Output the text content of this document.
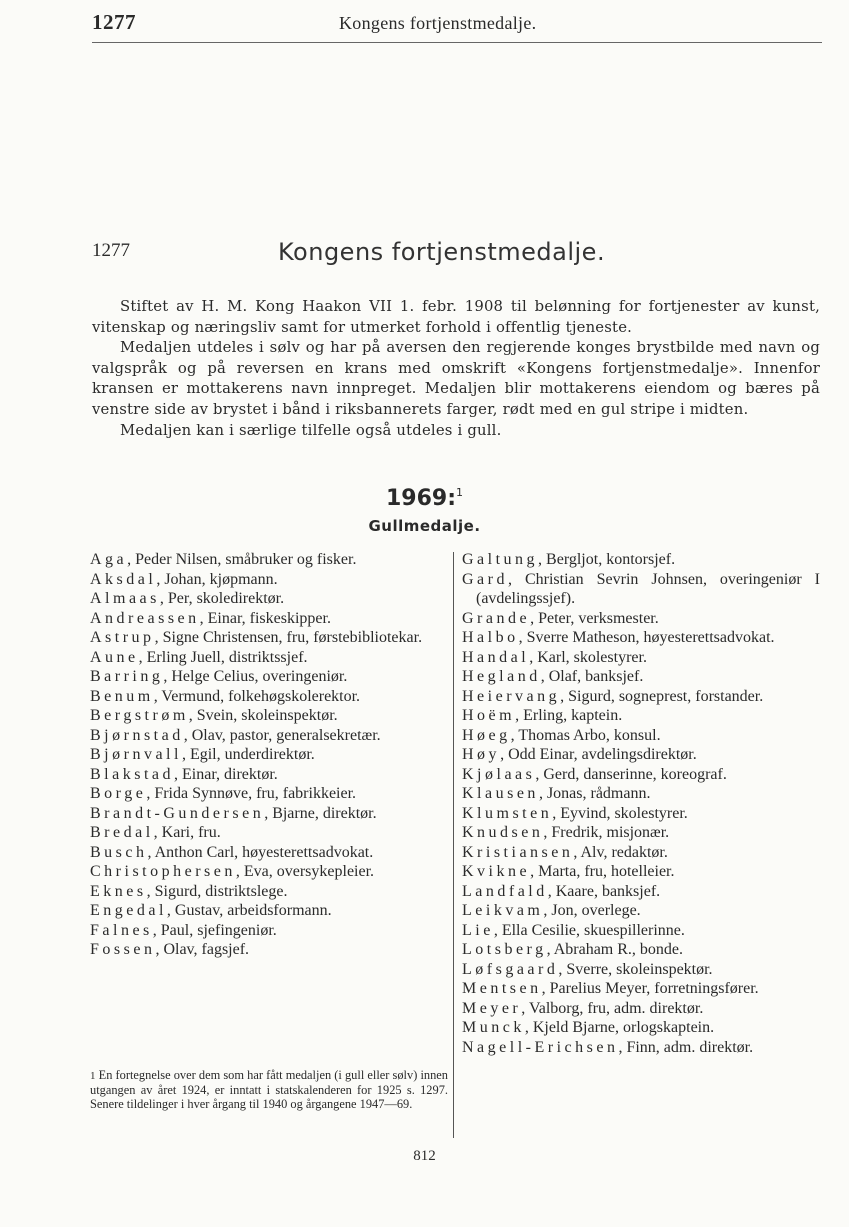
1277	Kongens fortjenstmedalje.
1277	Kongens fortjenstmedalje.

Stiftet av H. M. Kong Haakon VII 1. febr. 1908 til belønning for fortjenester av kunst, vitenskap og næringsliv samt for utmerket forhold i offentlig tjeneste.

Medaljen utdeles i sølv og har på aversen den regjerende konges brystbilde med navn og valgspråk og på reversen en krans med omskrift «Kongens fortjenstmedalje». Innenfor kransen er mottakerens navn innpreget. Medaljen blir mottakerens eiendom og bæres på venstre side av brystet i bånd i riksbannerets farger, rødt med en gul stripe i midten.

Medaljen kan i særlige tilfelle også utdeles i gull.

1969:$^1$
Gullmedalje.
Aga, Peder Nilsen, småbruker og fisker.
Aksdal, Johan, kjøpmann.
Almaas, Per, skoledirektør.
Andreassen, Einar, fiskeskipper.
Astrup, Signe Christensen, fru, førstebibliotekar.
Aune, Erling Juell, distriktssjef.
Barring, Helge Celius, overingeniør.
Benum, Vermund, folkehøgskolerektor.
Bergstrøm, Svein, skoleinspektør.
Bjørnstad, Olav, pastor, generalsekretær.
Bjørnvall, Egil, underdirektør.
Blakstad, Einar, direktør.
Borge, Frida Synnøve, fru, fabrikkeier.
Brandt-Gundersen, Bjarne, direktør.
Bredal, Kari, fru.
Busch, Anthon Carl, høyesterettsadvokat.
Christophersen, Eva, oversykepleier.
Eknes, Sigurd, distriktslege.
Engedal, Gustav, arbeidsformann.
Falnes, Paul, sjefingeniør.
Fossen, Olav, fagsjef.
Galtung, Bergljot, kontorsjef.
Gard, Christian Sevrin Johnsen, overingeniør I (avdelingssjef).
Grande, Peter, verksmester.
Halbo, Sverre Matheson, høyesterettsadvokat.
Handal, Karl, skolestyrer.
Hegland, Olaf, banksjef.
Heiervang, Sigurd, sogneprest, forstander.
Hoëm, Erling, kaptein.
Høeg, Thomas Arbo, konsul.
Høy, Odd Einar, avdelingsdirektør.
Kjølaas, Gerd, danserinne, koreograf.
Klausen, Jonas, rådmann.
Klumsten, Eyvind, skolestyrer.
Knudsen, Fredrik, misjonær.
Kristiansen, Alv, redaktør.
Kvikne, Marta, fru, hotelleier.
Landfald, Kaare, banksjef.
Leikvam, Jon, overlege.
Lie, Ella Cesilie, skuespillerinne.
Lotsberg, Abraham R., bonde.
Løfsgaard, Sverre, skoleinspektør.
Mentsen, Parelius Meyer, forretningsfører.
Meyer, Valborg, fru, adm. direktør.
Munck, Kjeld Bjarne, orlogskaptein.
Nagell-Erichsen, Finn, adm. direktør.

1 En fortegnelse over dem som har fått medaljen (i gull eller sølv) innen utgangen av året 1924, er inntatt i statskalenderen for 1925 s. 1297. Senere tildelinger i hver årgang til 1940 og årgangene 1947—69.

812
